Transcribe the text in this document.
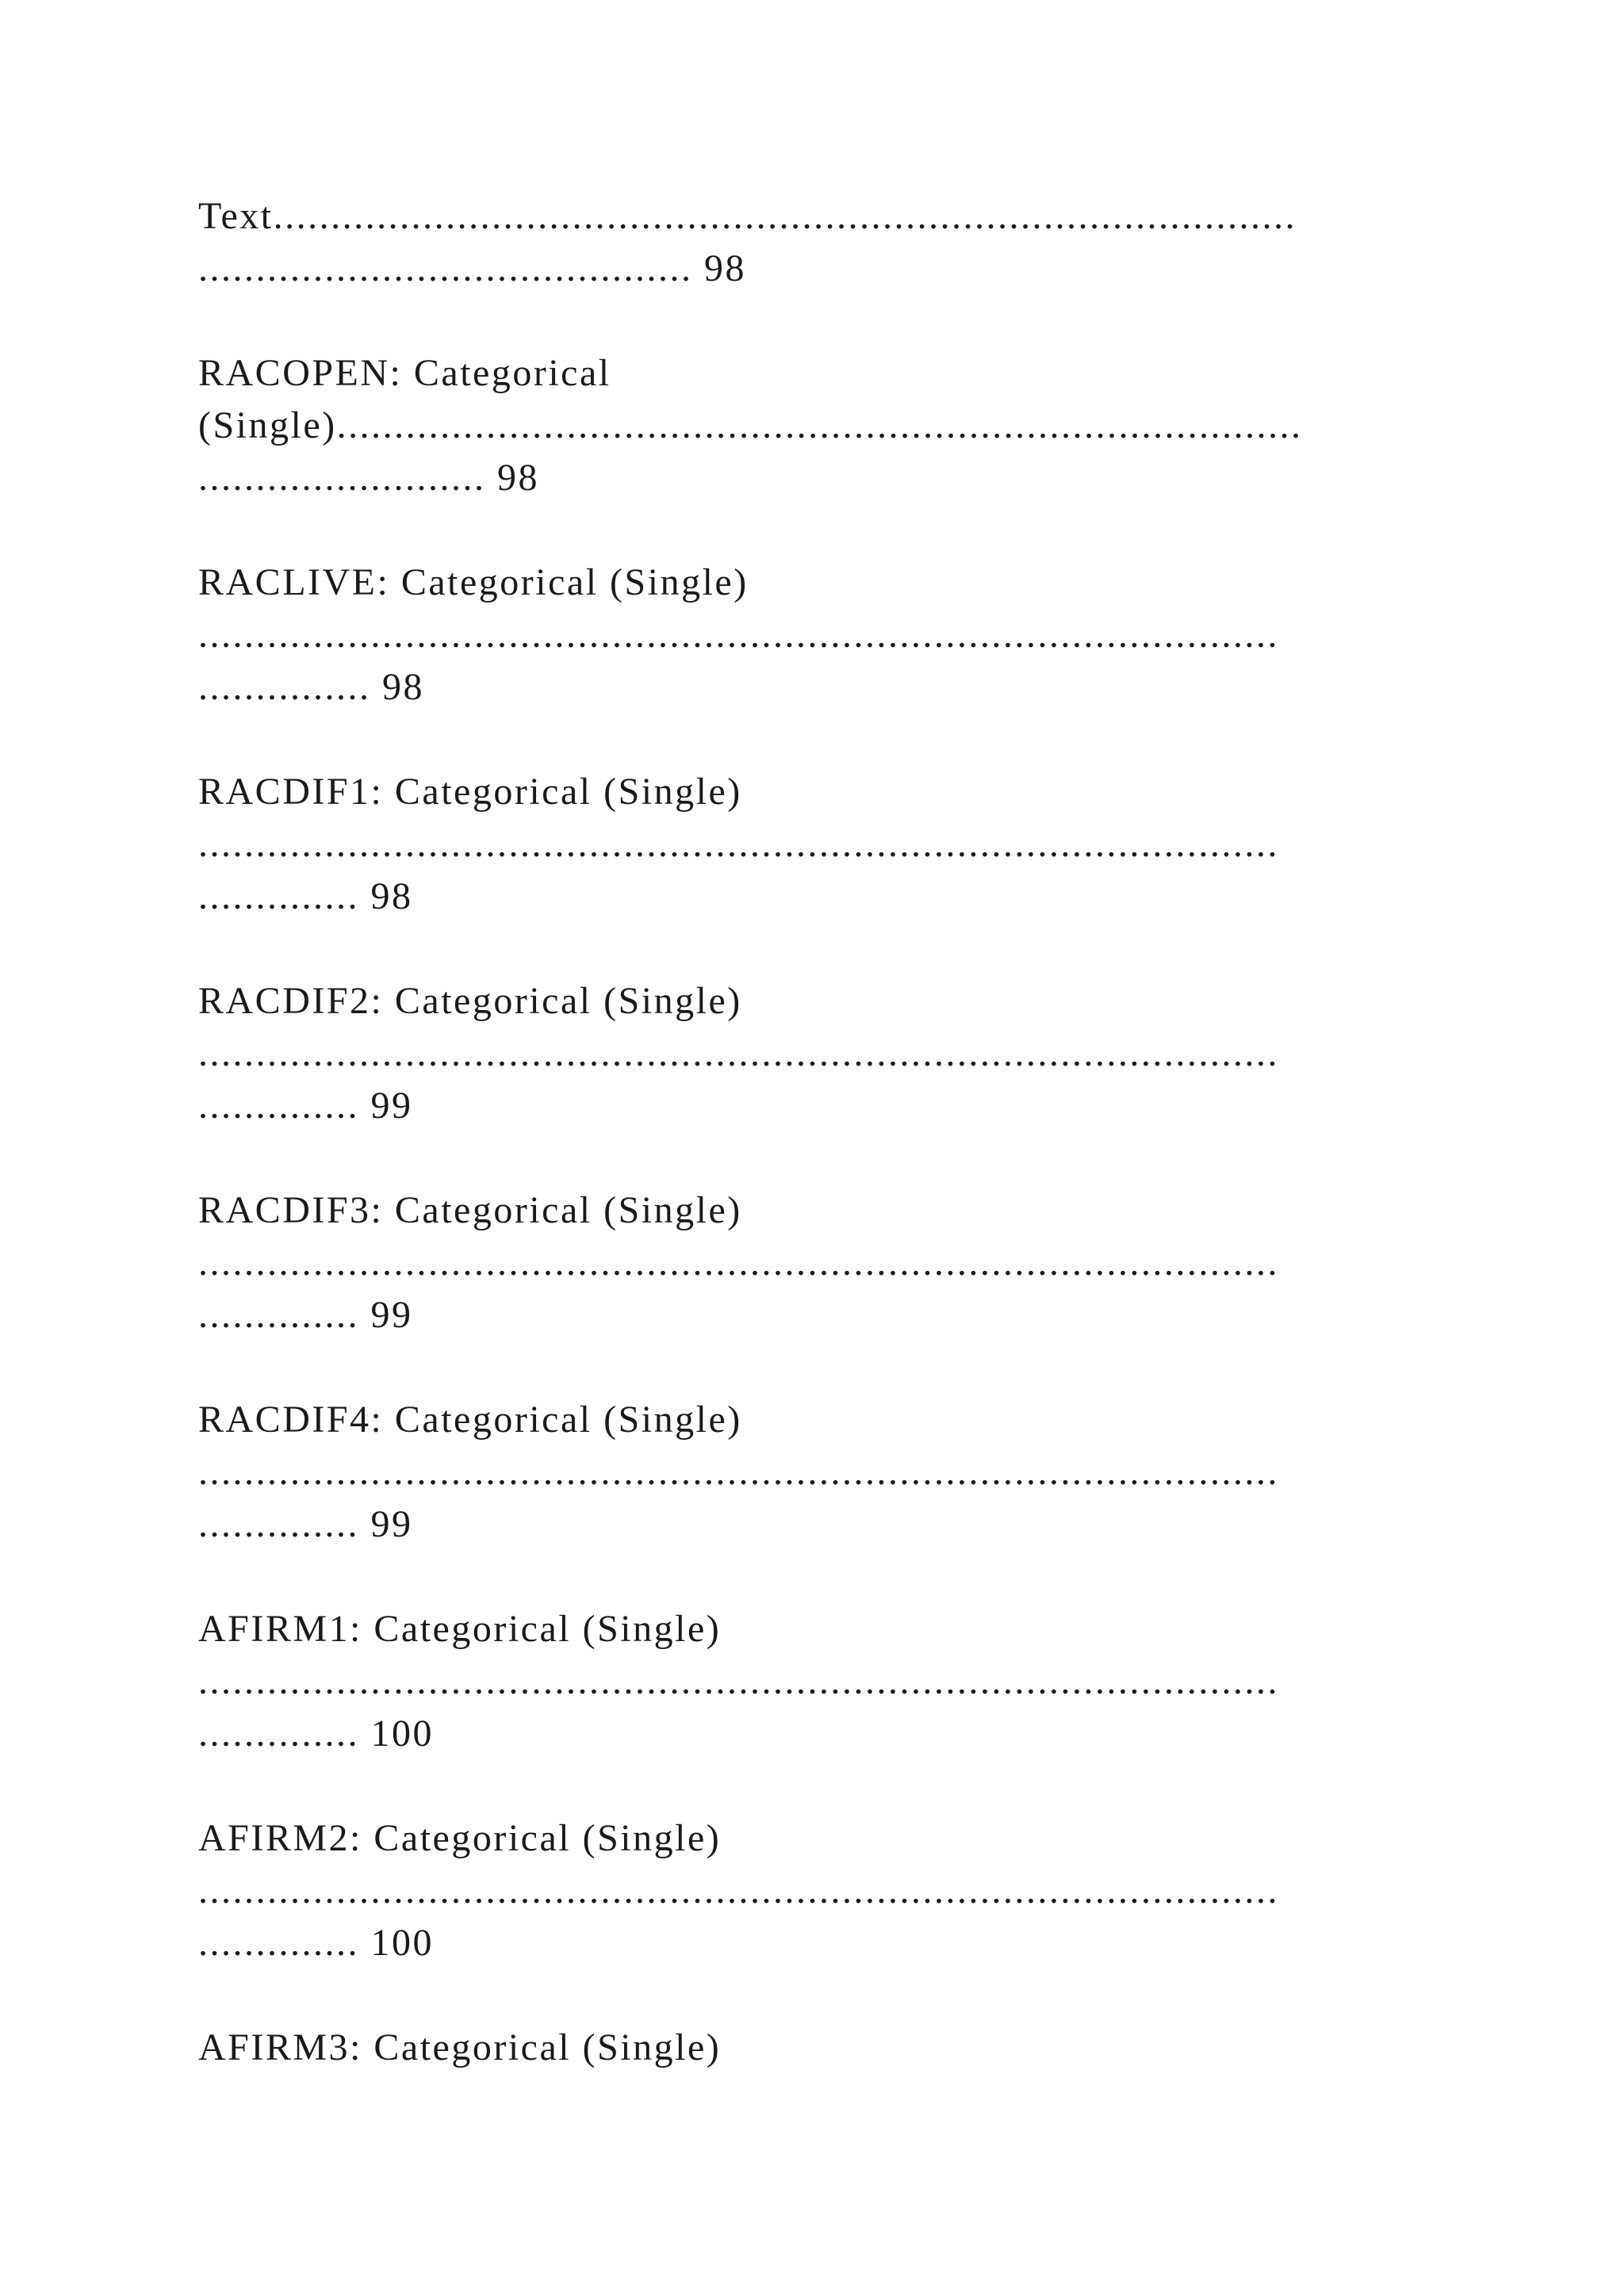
Text.........................................................................................
........................................... 98
RACOPEN: Categorical
(Single)....................................................................................
......................... 98
RACLIVE: Categorical (Single)
..............................................................................................
............... 98
RACDIF1: Categorical (Single)
..............................................................................................
.............. 98
RACDIF2: Categorical (Single)
..............................................................................................
.............. 99
RACDIF3: Categorical (Single)
..............................................................................................
.............. 99
RACDIF4: Categorical (Single)
..............................................................................................
.............. 99
AFIRM1: Categorical (Single)
..............................................................................................
.............. 100
AFIRM2: Categorical (Single)
..............................................................................................
.............. 100
AFIRM3: Categorical (Single)
